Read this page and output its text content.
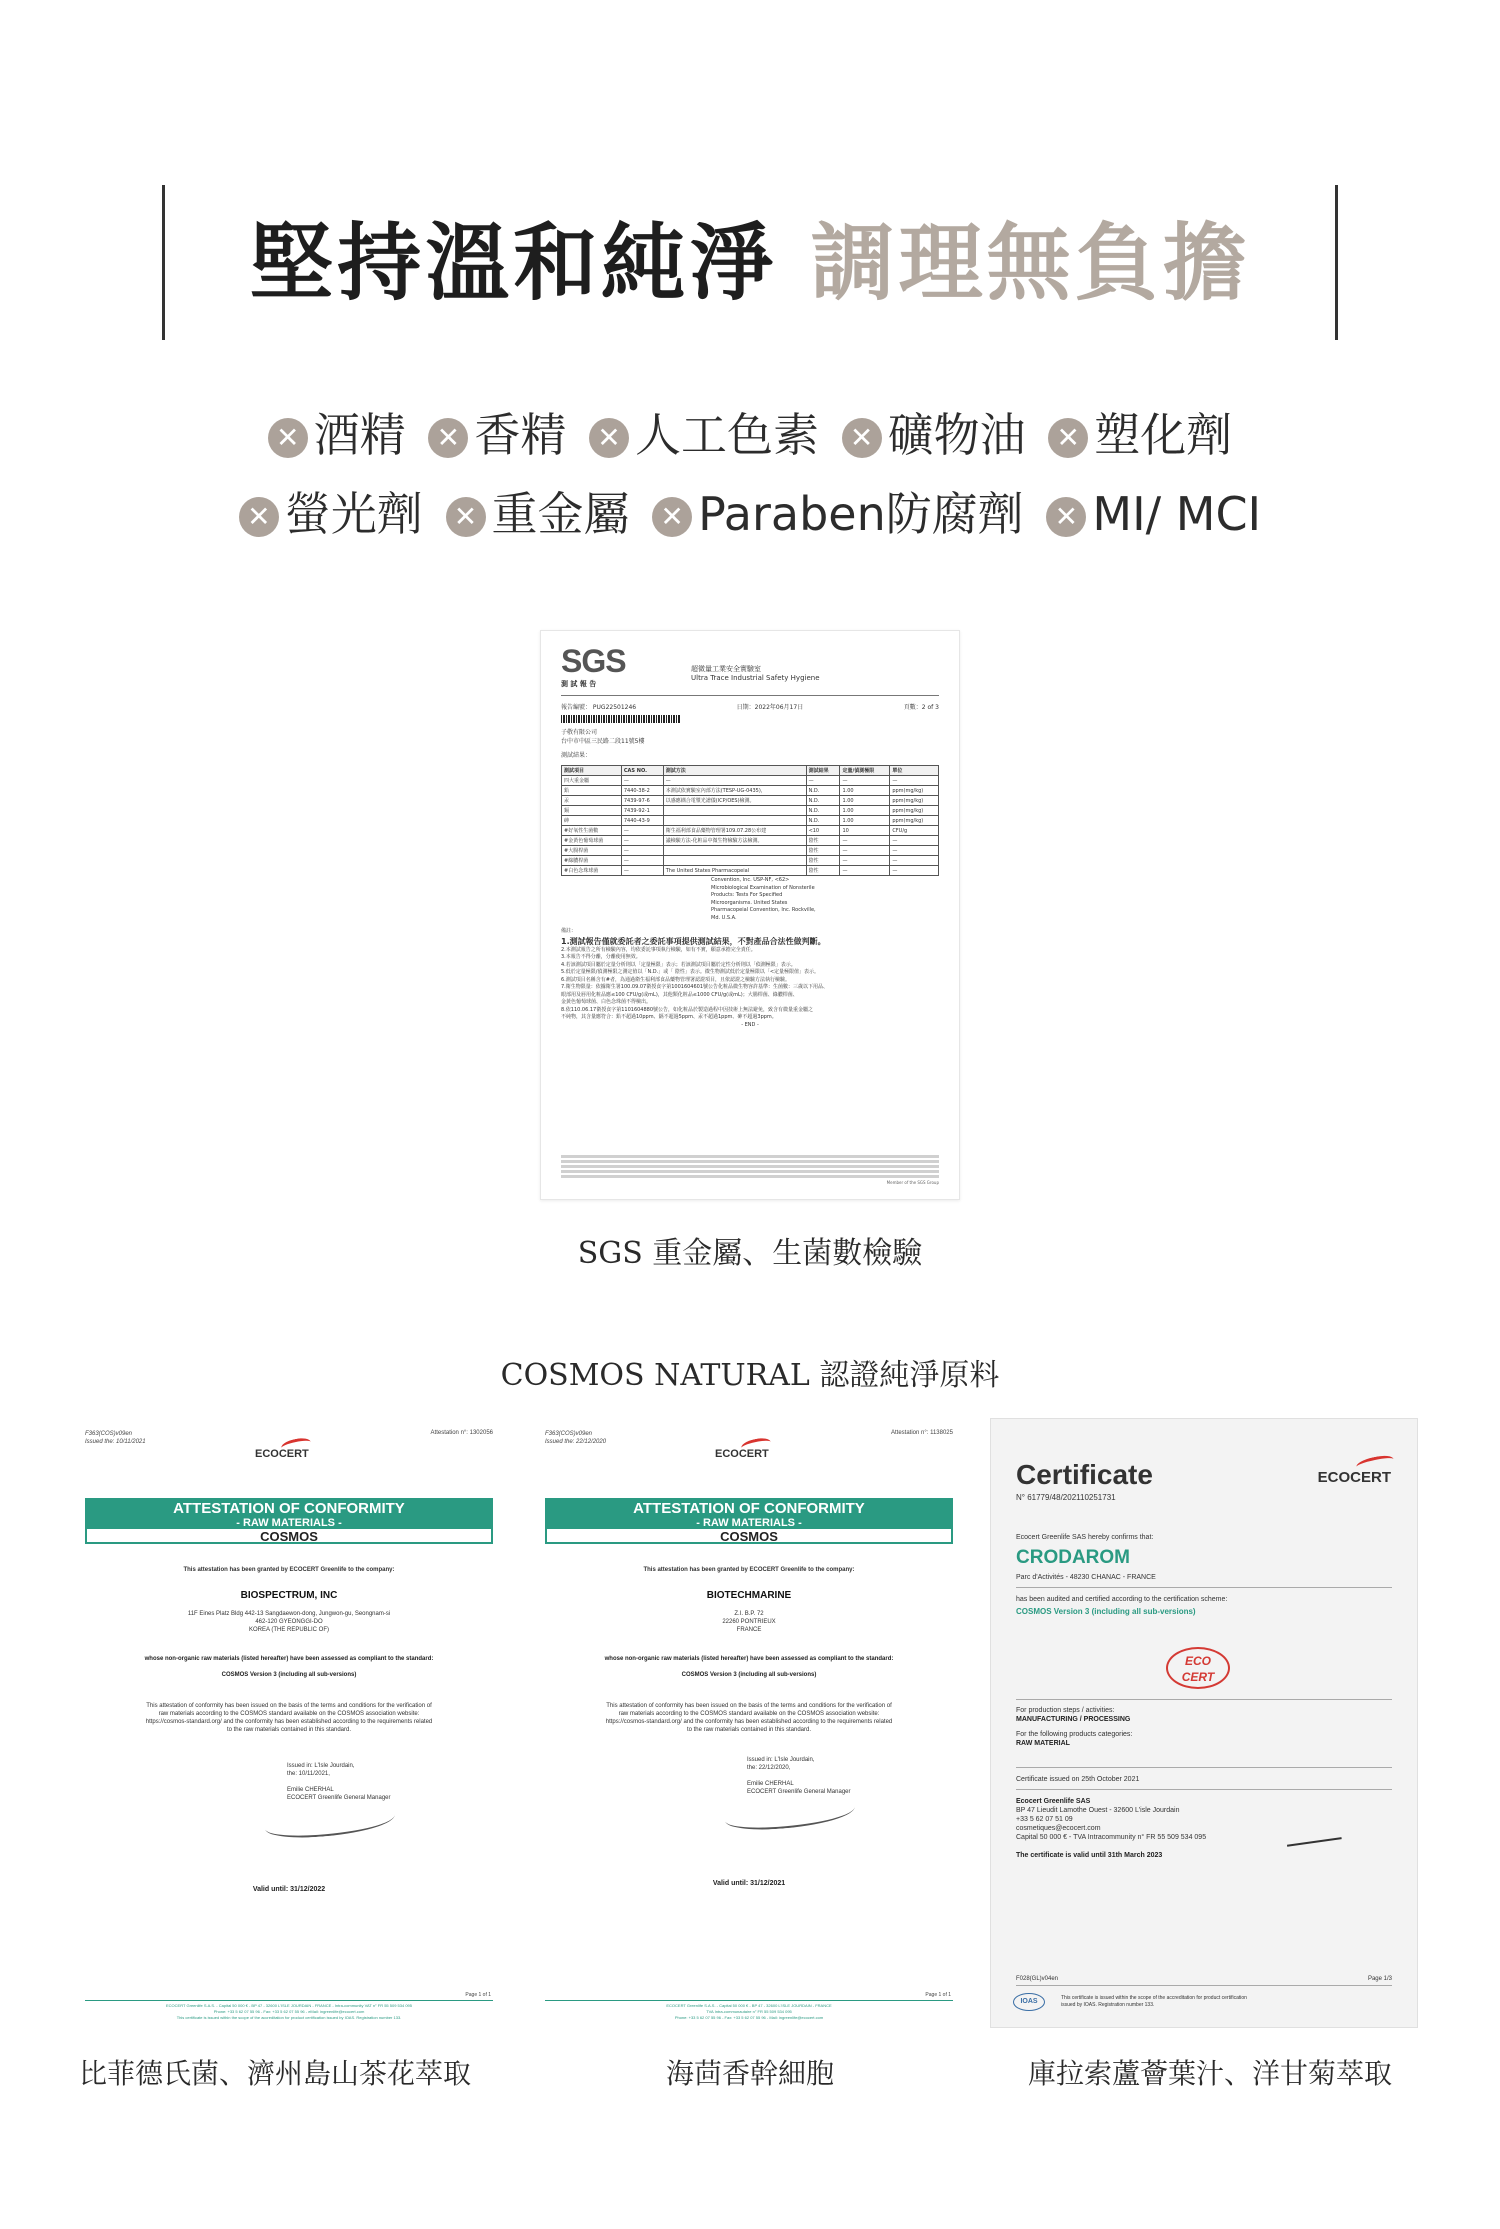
堅持溫和純淨 調理無負擔
✕ 酒精 ✕ 香精 ✕ 人工色素 ✕ 礦物油 ✕ 塑化劑
✕ 螢光劑 ✕ 重金屬 ✕ Paraben防腐劑 ✕ MI/ MCI
SGS	超微量工業安全實驗室
Ultra Trace Industrial Safety Hygiene
測 試 報 告
報告編號： PUG22501246	日期：2022年06月17日	頁數：2 of 3
子敬有限公司
台中市中區三民路二段11號5樓
測試結果：
測試項目	CAS NO.	測試方法	測試結果	定量/偵測極限	單位
四大重金屬	—	—	—	—	—
鉛	7440-38-2	本測試依實驗室內部方法(TESP-UG-0435)，	N.D.	1.00	ppm(mg/kg)
汞	7439-97-6	以感應耦合電漿光譜儀(ICP/OES)檢測。	N.D.	1.00	ppm(mg/kg)
鎘	7439-92-1		N.D.	1.00	ppm(mg/kg)
砷	7440-43-9		N.D.	1.00	ppm(mg/kg)
#好氧性生菌數	—	衛生福利部食品藥物管理署109.07.28公布建	<10	10	CFU/g
#金黃色葡萄球菌	—	議檢驗方法-化粧品中微生物檢驗方法檢測。	陰性	—	—
#大腸桿菌	—		陰性	—	—
#綠膿桿菌	—		陰性	—	—
#白色念珠球菌	—	The United States Pharmacopeial	陰性	—	—
Convention, Inc. USP-NF, <62>
Microbiological Examination of Nonsterile
Products: Tests For Specified
Microorganisms. United States
Pharmacopeial Convention, Inc. Rockville,
Md. U.S.A.
備註：
1.測試報告僅就委託者之委託事項提供測試結果，不對產品合法性做判斷。
2.本測試報告之所有檢驗內容，均依委託事項執行檢驗，如有不實，願意承擔完全責任。
3.本報告不得分離，分離使用無效。
4.若該測試項目屬於定量分析則以「定量極限」表示；若該測試項目屬於定性分析則以「偵測極限」表示。
5.低於定量極限/偵測極限之測定值以「N.D.」或「 陰性」表示。微生物測試低於定量極限以「<定量極限值」表示。
6.測試項目名稱含有#者，為通過衛生福利部食品藥物管理署認證項目，且依認證之檢驗方法執行檢驗。
7.衛生物限量：依據衛生署100.09.07衛授食字第1001604601號公告化粧品微生物容許基準：生菌數：三歲以下用品、
眼部用及唇用化粧品應≤100 CFU/g(或mL)，其他類化粧品≤1000 CFU/g(或mL)；大腸桿菌、綠膿桿菌、
金黃色葡萄球菌、白色念珠菌不得檢出。
8.依110.06.17衛授食字第1101604880號公告，如化粧品於製造過程中因技術上無法避免，致含有微量重金屬之
不純物，其含量應符合：鉛不超過10ppm、鎘不超過5ppm、汞不超過1ppm、砷不超過3ppm。
- END -
Member of the SGS Group
SGS 重金屬、生菌數檢驗
COSMOS NATURAL 認證純淨原料
F363(COS)v09en
Issued the: 10/11/2021
Attestation n°: 1302056
ECOCERT
ATTESTATION OF CONFORMITY
- RAW MATERIALS -
COSMOS
This attestation has been granted by ECOCERT Greenlife to the company:
BIOSPECTRUM, INC
11F Eines Platz Bldg 442-13 Sangdaewon-dong, Jungwon-gu, Seongnam-si
462-120 GYEONGGI-DO
KOREA (THE REPUBLIC OF)
whose non-organic raw materials (listed hereafter) have been assessed as compliant to the standard:
COSMOS Version 3 (including all sub-versions)
This attestation of conformity has been issued on the basis of the terms and conditions for the verification of
raw materials according to the COSMOS standard available on the COSMOS association website:
https://cosmos-standard.org/ and the conformity has been established according to the requirements related
to the raw materials contained in this standard.
Issued in: L'Isle Jourdain,
the: 10/11/2021,

Emilie CHERHAL
ECOCERT Greenlife General Manager
Valid until: 31/12/2022
Page 1 of 1
ECOCERT Greenlife S.A.S. - Capital 50 000 € - BP 47 - 32600 L'ISLE JOURDAIN - FRANCE - Intra-community VAT n° FR 55 509 534 095
Phone: +33 5 62 07 55 96 - Fax: +33 5 62 07 55 96 - eMail: ingreenlife@ecocert.com
This certificate is issued within the scope of the accreditation for product certification issued by IOAS. Registration number 133.
F363(COS)v09en
Issued the: 22/12/2020
Attestation n°: 1138025
ECOCERT
ATTESTATION OF CONFORMITY
- RAW MATERIALS -
COSMOS
This attestation has been granted by ECOCERT Greenlife to the company:
BIOTECHMARINE
Z.I. B.P. 72
22260 PONTRIEUX
FRANCE
whose non-organic raw materials (listed hereafter) have been assessed as compliant to the standard:
COSMOS Version 3 (including all sub-versions)
This attestation of conformity has been issued on the basis of the terms and conditions for the verification of
raw materials according to the COSMOS standard available on the COSMOS association website:
https://cosmos-standard.org/ and the conformity has been established according to the requirements related
to the raw materials contained in this standard.
Issued in: L'Isle Jourdain,
the: 22/12/2020,

Emilie CHERHAL
ECOCERT Greenlife General Manager
Valid until: 31/12/2021
Page 1 of 1
ECOCERT Greenlife S.A.S. - Capital 50 000 € - BP 47 - 32600 L'ISLE JOURDAIN - FRANCE
TVA Intra-communautaire n° FR 55 509 534 095
Phone: +33 5 62 07 55 96 - Fax: +33 5 62 07 55 96 - Mail: ingreenlife@ecocert.com
Certificate
N° 61779/48/202110251731
ECOCERT
Ecocert Greenlife SAS hereby confirms that:
CRODAROM
Parc d'Activités - 48230 CHANAC - FRANCE
has been audited and certified according to the certification scheme:
COSMOS Version 3 (including all sub-versions)
ECO CERT
For production steps / activities:
MANUFACTURING / PROCESSING
For the following products categories:
RAW MATERIAL
Certificate issued on 25th October 2021
Ecocert Greenlife SAS
BP 47 Lieudit Lamothe Ouest - 32600 L'isle Jourdain
+33 5 62 07 51 09
cosmetiques@ecocert.com
Capital 50 000 € - TVA Intracommunity n° FR 55 509 534 095
The certificate is valid until 31th March 2023
F028(GL)v04en	Page 1/3
IOAS	This certificate is issued within the scope of the accreditation for product certification
issued by IOAS. Registration number 133.
比菲德氏菌、濟州島山茶花萃取	海茴香幹細胞	庫拉索蘆薈葉汁、洋甘菊萃取
